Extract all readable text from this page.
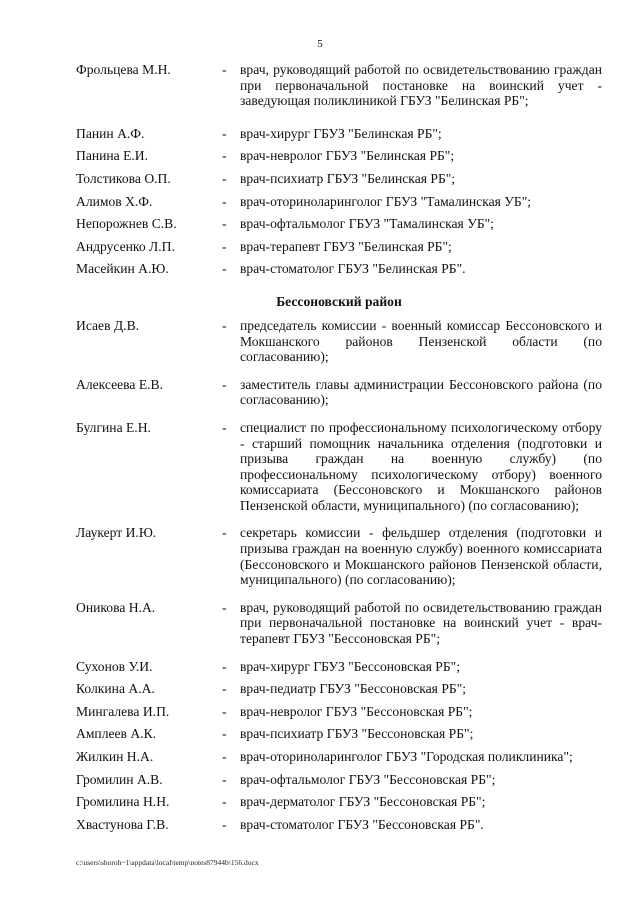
5
Фрольцева М.Н.	- врач, руководящий работой по освидетельствованию граждан при первоначальной постановке на воинский учет - заведующая поликлиникой ГБУЗ "Белинская РБ";
Панин А.Ф.	- врач-хирург ГБУЗ "Белинская РБ";
Панина Е.И.	- врач-невролог ГБУЗ "Белинская РБ";
Толстикова О.П.	- врач-психиатр ГБУЗ "Белинская РБ";
Алимов Х.Ф.	- врач-оториноларинголог ГБУЗ "Тамалинская УБ";
Непорожнев С.В.	- врач-офтальмолог ГБУЗ "Тамалинская УБ";
Андрусенко Л.П.	- врач-терапевт ГБУЗ "Белинская РБ";
Масейкин А.Ю.	- врач-стоматолог ГБУЗ "Белинская РБ".
Бессоновский район
Исаев Д.В.	- председатель комиссии - военный комиссар Бессоновского и Мокшанского районов Пензенской области (по согласованию);
Алексеева Е.В.	- заместитель главы администрации Бессоновского района (по согласованию);
Булгина Е.Н.	- специалист по профессиональному психологическому отбору - старший помощник начальника отделения (подготовки и призыва граждан на военную службу) (по профессиональному психологическому отбору) военного комиссариата (Бессоновского и Мокшанского районов Пензенской области, муниципального) (по согласованию);
Лаукерт И.Ю.	- секретарь комиссии - фельдшер отделения (подготовки и призыва граждан на военную службу) военного комиссариата (Бессоновского и Мокшанского районов Пензенской области, муниципального) (по согласованию);
Оникова Н.А.	- врач, руководящий работой по освидетельствованию граждан при первоначальной постановке на воинский учет - врач-терапевт ГБУЗ "Бессоновская РБ";
Сухонов У.И.	- врач-хирург ГБУЗ "Бессоновская РБ";
Колкина А.А.	- врач-педиатр ГБУЗ "Бессоновская РБ";
Мингалева И.П.	- врач-невролог ГБУЗ "Бессоновская РБ";
Амплеев А.К.	- врач-психиатр ГБУЗ "Бессоновская РБ";
Жилкин Н.А.	- врач-оториноларинголог ГБУЗ "Городская поликлиника";
Громилин А.В.	- врач-офтальмолог ГБУЗ "Бессоновская РБ";
Громилина Н.Н.	- врач-дерматолог ГБУЗ "Бессоновская РБ";
Хвастунова Г.В.	- врач-стоматолог ГБУЗ "Бессоновская РБ".
c:\users\shoroh~1\appdata\local\temp\notes87944b\156.docx
